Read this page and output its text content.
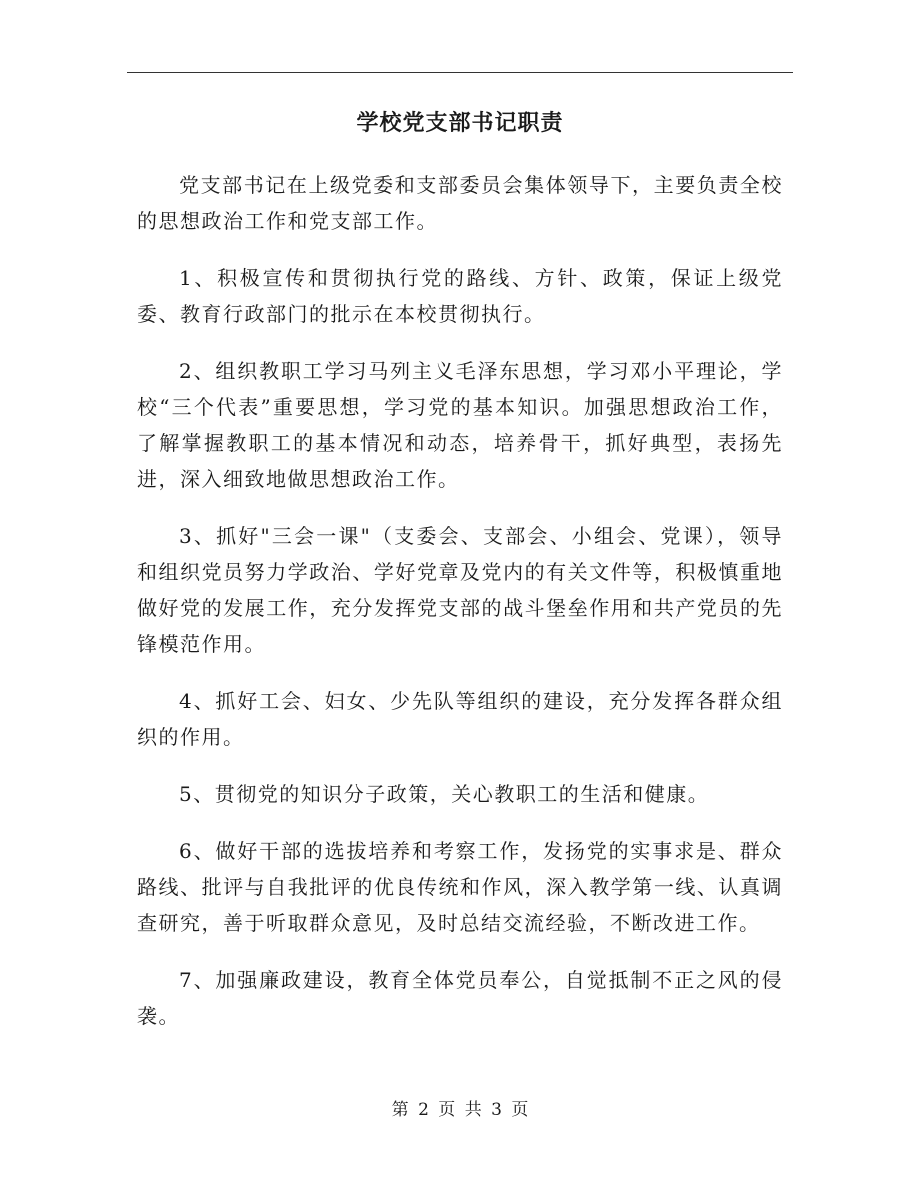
学校党支部书记职责

党支部书记在上级党委和支部委员会集体领导下，主要负责全校的思想政治工作和党支部工作。

1、积极宣传和贯彻执行党的路线、方针、政策，保证上级党委、教育行政部门的批示在本校贯彻执行。

2、组织教职工学习马列主义毛泽东思想，学习邓小平理论，学校“三个代表”重要思想，学习党的基本知识。加强思想政治工作，了解掌握教职工的基本情况和动态，培养骨干，抓好典型，表扬先进，深入细致地做思想政治工作。

3、抓好"三会一课"（支委会、支部会、小组会、党课），领导和组织党员努力学政治、学好党章及党内的有关文件等，积极慎重地做好党的发展工作，充分发挥党支部的战斗堡垒作用和共产党员的先锋模范作用。

4、抓好工会、妇女、少先队等组织的建设，充分发挥各群众组织的作用。

5、贯彻党的知识分子政策，关心教职工的生活和健康。

6、做好干部的选拔培养和考察工作，发扬党的实事求是、群众路线、批评与自我批评的优良传统和作风，深入教学第一线、认真调查研究，善于听取群众意见，及时总结交流经验，不断改进工作。

7、加强廉政建设，教育全体党员奉公，自觉抵制不正之风的侵袭。

第 2 页 共 3 页
